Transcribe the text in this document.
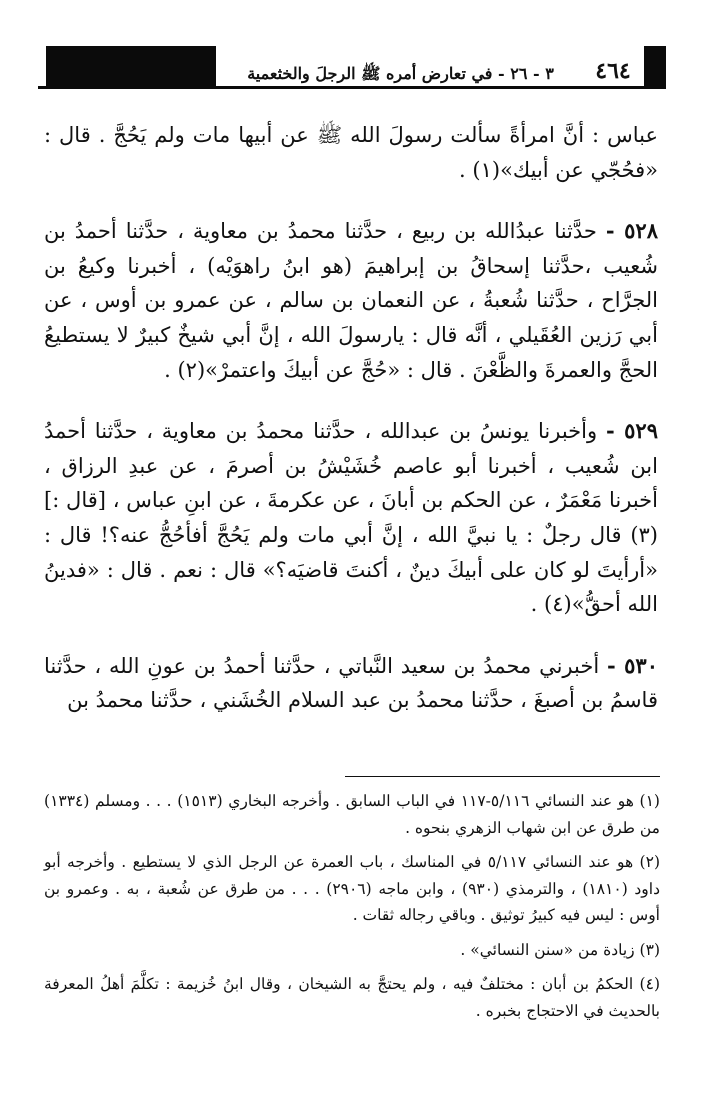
٣ - ٢٦ - في تعارض أمره ﷺ الرجلَ والخثعمية	٤٦٤

عباس : أنَّ امرأةً سألت رسولَ الله ﷺ عن أبيها مات ولم يَحُجَّ . قال : «فحُجّي عن أبيك»(١) .

٥٢٨ - حدَّثنا عبدُالله بن ربيع ، حدَّثنا محمدُ بن معاوية ، حدَّثنا أحمدُ بن شُعيب ،حدَّثنا إسحاقُ بن إبراهيمَ (هو ابنُ راهوَيْه) ، أخبرنا وكيعُ بن الجرَّاح ، حدَّثنا شُعبةُ ، عن النعمان بن سالم ، عن عمرو بن أوس ، عن أبي رَزين العُقَيلي ، أنَّه قال : يارسولَ الله ، إنَّ أبي شيخٌ كبيرٌ لا يستطيعُ الحجَّ والعمرةَ والظَّعْنَ . قال : «حُجَّ عن أبيكَ واعتمرْ»(٢) .

٥٢٩ - وأخبرنا يونسُ بن عبدالله ، حدَّثنا محمدُ بن معاوية ، حدَّثنا أحمدُ ابن شُعيب ، أخبرنا أبو عاصم خُشَيْشُ بن أصرمَ ، عن عبدِ الرزاق ، أخبرنا مَعْمَرٌ ، عن الحكم بن أبانَ ، عن عكرمةَ ، عن ابنِ عباس ، [قال :](٣) قال رجلٌ : يا نبيَّ الله ، إنَّ أبي مات ولم يَحُجَّ أفأحُجُّ عنه؟! قال : «أرأيتَ لو كان على أبيكَ دينٌ ، أكنتَ قاضيَه؟» قال : نعم . قال : «فدينُ الله أحقُّ»(٤) .

٥٣٠ - أخبرني محمدُ بن سعيد النَّباتي ، حدَّثنا أحمدُ بن عونِ الله ، حدَّثنا قاسمُ بن أصبغَ ، حدَّثنا محمدُ بن عبد السلام الخُشَني ، حدَّثنا محمدُ بن

(١) هو عند النسائي ٥/١١٦-١١٧ في الباب السابق . وأخرجه البخاري (١٥١٣) . . . ومسلم (١٣٣٤) من طرق عن ابن شهاب الزهري بنحوه .

(٢) هو عند النسائي ٥/١١٧ في المناسك ، باب العمرة عن الرجل الذي لا يستطيع . وأخرجه أبو داود (١٨١٠) ، والترمذي (٩٣٠) ، وابن ماجه (٢٩٠٦) . . . من طرق عن شُعبة ، به . وعمرو بن أوس : ليس فيه كبيرُ توثيق . وباقي رجاله ثقات .

(٣) زيادة من «سنن النسائي» .

(٤) الحكمُ بن أبان : مختلفٌ فيه ، ولم يحتجَّ به الشيخان ، وقال ابنُ خُزيمة : تكلَّمَ أهلُ المعرفة بالحديث في الاحتجاج بخبره .
